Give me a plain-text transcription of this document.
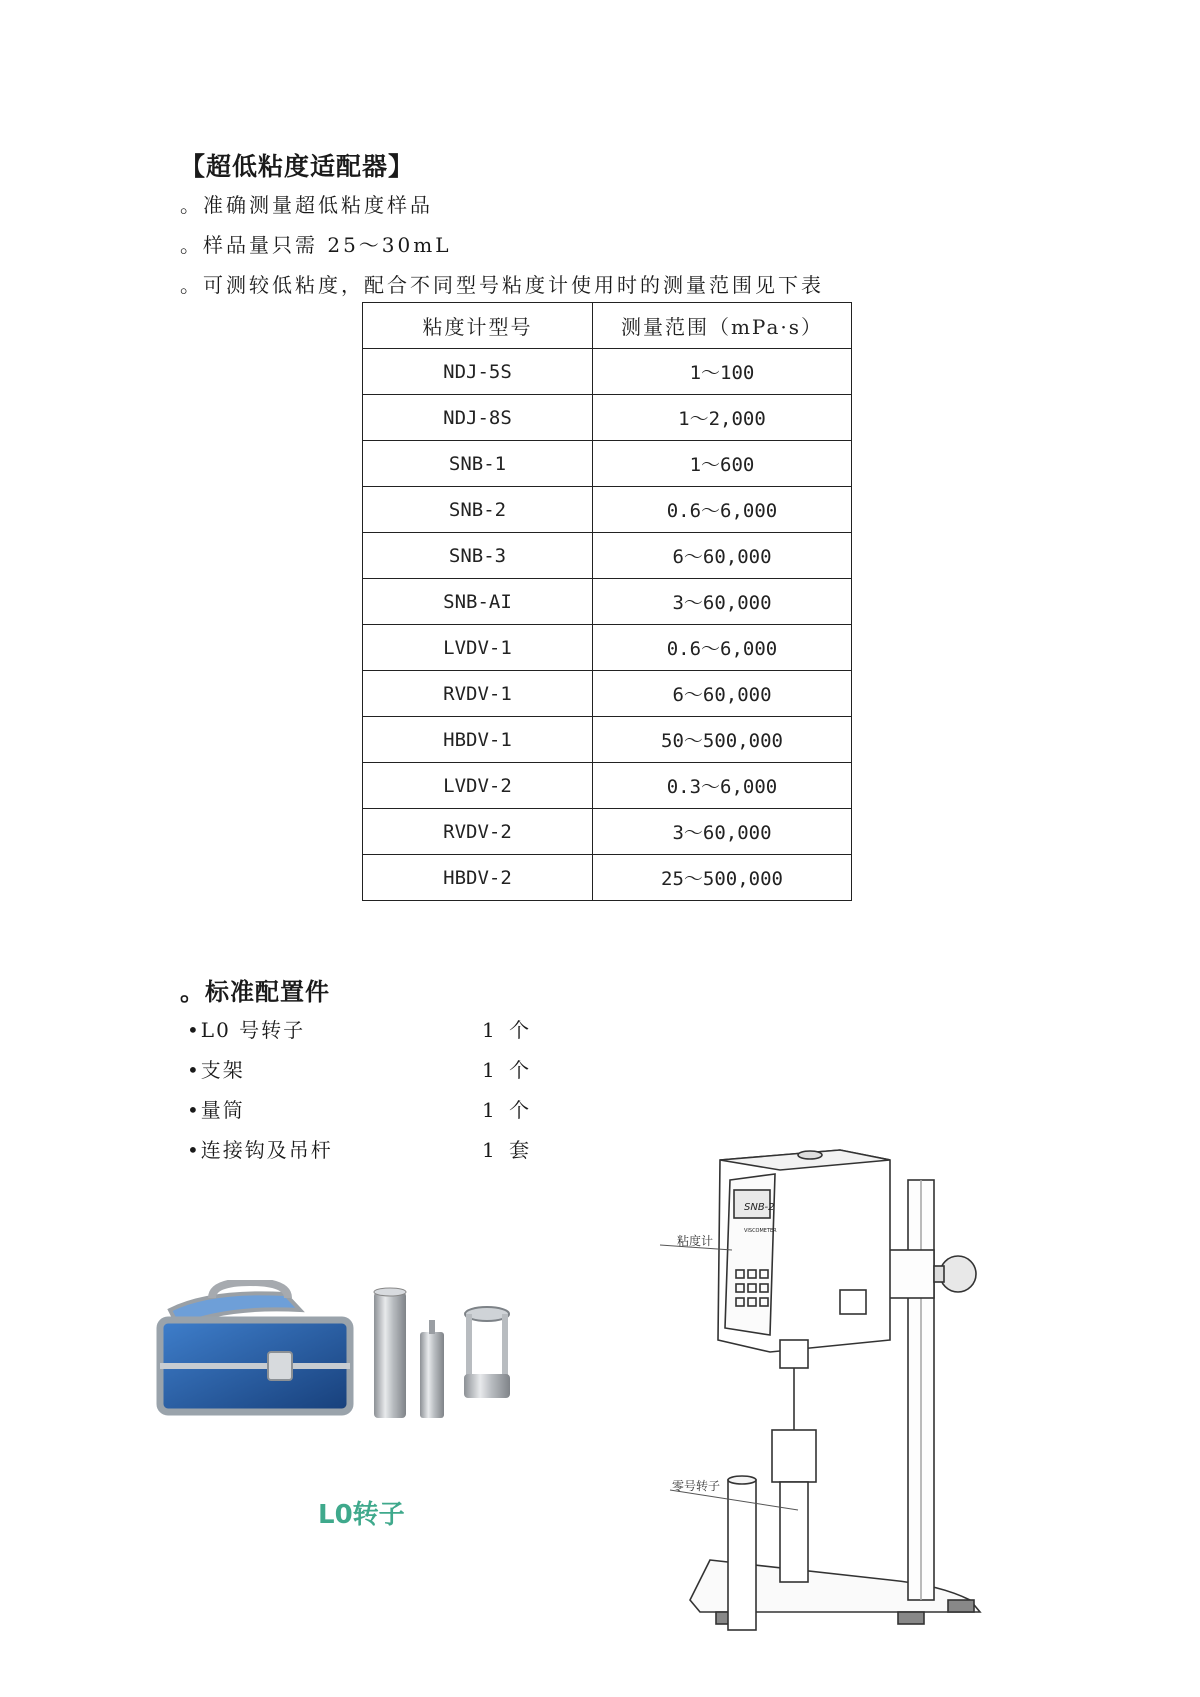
【超低粘度适配器】
。准确测量超低粘度样品
。样品量只需 25～30mL
。可测较低粘度，配合不同型号粘度计使用时的测量范围见下表
粘度计型号	测量范围（mPa·s）
NDJ-5S	1～100
NDJ-8S	1～2,000
SNB-1	1～600
SNB-2	0.6～6,000
SNB-3	6～60,000
SNB-AI	3～60,000
LVDV-1	0.6～6,000
RVDV-1	6～60,000
HBDV-1	50～500,000
LVDV-2	0.3～6,000
RVDV-2	3～60,000
HBDV-2	25～500,000
。标准配置件
•L0 号转子	1 个
•支架	1 个
•量筒	1 个
•连接钩及吊杆	1 套
L0转子
SNB-2
VISCOMETER
粘度计
零号转子
